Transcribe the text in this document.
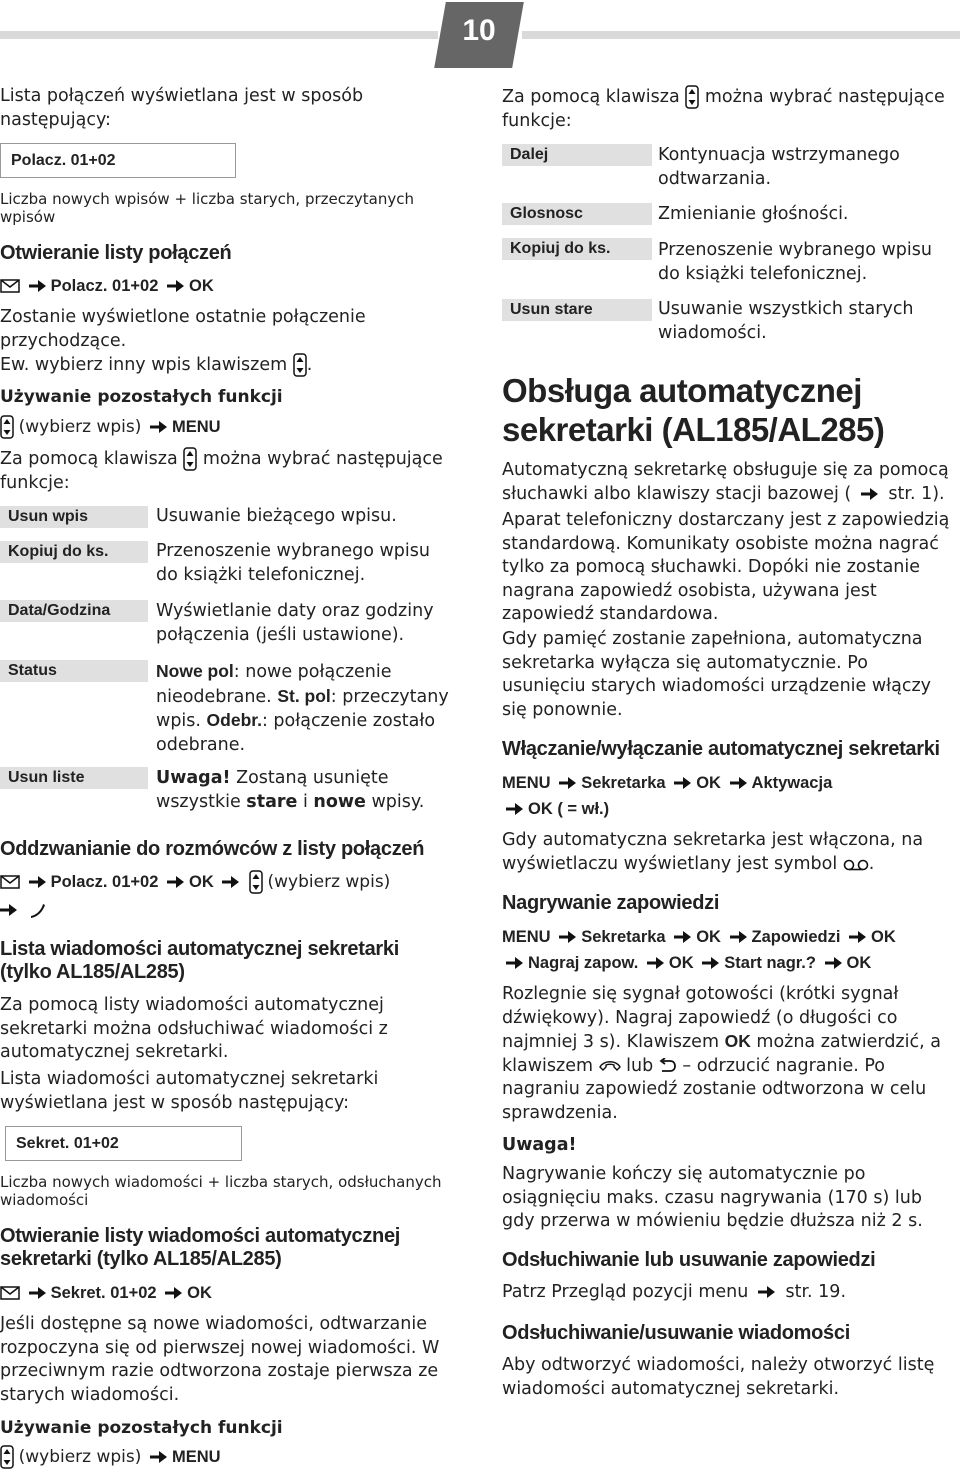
10
Lista połączeń wyświetlana jest w sposób następujący:
Polacz. 01+02
Liczba nowych wpisów + liczba starych, przeczytanych wpisów
Otwieranie listy połączeń
Polacz. 01+02 OK
Zostanie wyświetlone ostatnie połączenie przychodzące.
Ew. wybierz inny wpis klawiszem .
Używanie pozostałych funkcji
(wybierz wpis) MENU
Za pomocą klawisza można wybrać następujące funkcje:
Usun wpis	Usuwanie bieżącego wpisu.
Kopiuj do ks.	Przenoszenie wybranego wpisu do książki telefonicznej.
Data/Godzina	Wyświetlanie daty oraz godziny połączenia (jeśli ustawione).
Status	Nowe pol: nowe połączenie nieodebrane. St. pol: przeczytany wpis. Odebr.: połączenie zostało odebrane.
Usun liste	Uwaga! Zostaną usunięte wszystkie stare i nowe wpisy.
Oddzwanianie do rozmówców z listy połączeń
Polacz. 01+02 OK	(wybierz wpis)

Lista wiadomości automatycznej sekretarki (tylko AL185/AL285)
Za pomocą listy wiadomości automatycznej sekretarki można odsłuchiwać wiadomości z automatycznej sekretarki.
Lista wiadomości automatycznej sekretarki wyświetlana jest w sposób następujący:
Sekret. 01+02
Liczba nowych wiadomości + liczba starych, odsłuchanych wiadomości
Otwieranie listy wiadomości automatycznej sekretarki (tylko AL185/AL285)
Sekret. 01+02 OK
Jeśli dostępne są nowe wiadomości, odtwarzanie rozpoczyna się od pierwszej nowej wiadomości. W przeciwnym razie odtworzona zostaje pierwsza ze starych wiadomości.
Używanie pozostałych funkcji
(wybierz wpis) MENU
Za pomocą klawisza można wybrać następujące funkcje:
Dalej	Kontynuacja wstrzymanego odtwarzania.
Glosnosc	Zmienianie głośności.
Kopiuj do ks.	Przenoszenie wybranego wpisu do książki telefonicznej.
Usun stare	Usuwanie wszystkich starych wiadomości.
Obsługa automatycznej sekretarki (AL185/AL285)
Automatyczną sekretarkę obsługuje się za pomocą słuchawki albo klawiszy stacji bazowej ( str. 1).
Aparat telefoniczny dostarczany jest z zapowiedzią standardową. Komunikaty osobiste można nagrać tylko za pomocą słuchawki. Dopóki nie zostanie nagrana zapowiedź osobista, używana jest zapowiedź standardowa.
Gdy pamięć zostanie zapełniona, automatyczna sekretarka wyłącza się automatycznie. Po usunięciu starych wiadomości urządzenie włączy się ponownie.
Włączanie/wyłączanie automatycznej sekretarki
MENU Sekretarka OK Aktywacja
OK ( = wł.)
Gdy automatyczna sekretarka jest włączona, na wyświetlaczu wyświetlany jest symbol .
Nagrywanie zapowiedzi
MENU Sekretarka OK Zapowiedzi OK
Nagraj zapow. OK Start nagr.? OK
Rozlegnie się sygnał gotowości (krótki sygnał dźwiękowy). Nagraj zapowiedź (o długości co najmniej 3 s). Klawiszem OK można zatwierdzić, a klawiszem lub – odrzucić nagranie. Po nagraniu zapowiedź zostanie odtworzona w celu sprawdzenia.
Uwaga!
Nagrywanie kończy się automatycznie po osiągnięciu maks. czasu nagrywania (170 s) lub gdy przerwa w mówieniu będzie dłuższa niż 2 s.
Odsłuchiwanie lub usuwanie zapowiedzi
Patrz Przegląd pozycji menu str. 19.
Odsłuchiwanie/usuwanie wiadomości
Aby odtworzyć wiadomości, należy otworzyć listę wiadomości automatycznej sekretarki.
